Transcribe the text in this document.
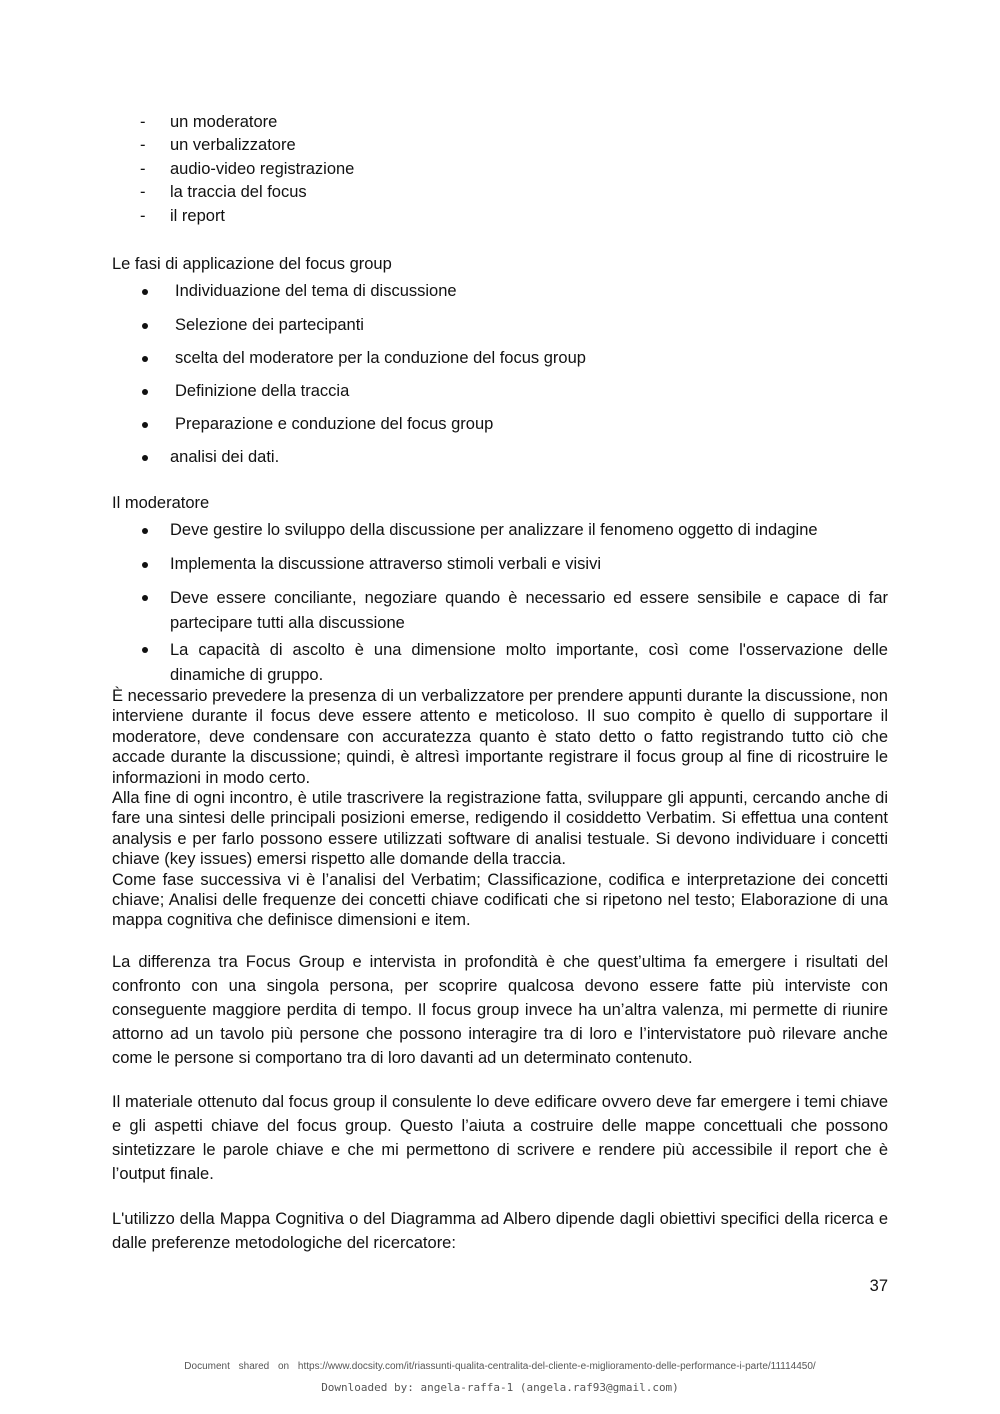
- un moderatore
- un verbalizzatore
- audio-video registrazione
- la traccia del focus
- il report
Le fasi di applicazione del focus group
Individuazione del tema di discussione
Selezione dei partecipanti
scelta del moderatore per la conduzione del focus group
Definizione della traccia
Preparazione e conduzione del focus group
analisi dei dati.
Il moderatore
Deve gestire lo sviluppo della discussione per analizzare il fenomeno oggetto di indagine
Implementa la discussione attraverso stimoli verbali e visivi
Deve essere conciliante, negoziare quando è necessario ed essere sensibile e capace di far partecipare tutti alla discussione
La capacità di ascolto è una dimensione molto importante, così come l'osservazione delle dinamiche di gruppo.

È necessario prevedere la presenza di un verbalizzatore per prendere appunti durante la discussione, non interviene durante il focus deve essere attento e meticoloso. Il suo compito è quello di supportare il moderatore, deve condensare con accuratezza quanto è stato detto o fatto registrando tutto ciò che accade durante la discussione; quindi, è altresì importante registrare il focus group al fine di ricostruire le informazioni in modo certo.

Alla fine di ogni incontro, è utile trascrivere la registrazione fatta, sviluppare gli appunti, cercando anche di fare una sintesi delle principali posizioni emerse, redigendo il cosiddetto Verbatim. Si effettua una content analysis e per farlo possono essere utilizzati software di analisi testuale. Si devono individuare i concetti chiave (key issues) emersi rispetto alle domande della traccia.

Come fase successiva vi è l’analisi del Verbatim; Classificazione, codifica e interpretazione dei concetti chiave; Analisi delle frequenze dei concetti chiave codificati che si ripetono nel testo; Elaborazione di una mappa cognitiva che definisce dimensioni e item.

La differenza tra Focus Group e intervista in profondità è che quest’ultima fa emergere i risultati del confronto con una singola persona, per scoprire qualcosa devono essere fatte più interviste con conseguente maggiore perdita di tempo. Il focus group invece ha un’altra valenza, mi permette di riunire attorno ad un tavolo più persone che possono interagire tra di loro e l’intervistatore può rilevare anche come le persone si comportano tra di loro davanti ad un determinato contenuto.

Il materiale ottenuto dal focus group il consulente lo deve edificare ovvero deve far emergere i temi chiave e gli aspetti chiave del focus group. Questo l’aiuta a costruire delle mappe concettuali che possono sintetizzare le parole chiave e che mi permettono di scrivere e rendere più accessibile il report che è l’output finale.

L'utilizzo della Mappa Cognitiva o del Diagramma ad Albero dipende dagli obiettivi specifici della ricerca e dalle preferenze metodologiche del ricercatore:

37
Document shared on https://www.docsity.com/it/riassunti-qualita-centralita-del-cliente-e-miglioramento-delle-performance-i-parte/11114450/
Downloaded by: angela-raffa-1 (angela.raf93@gmail.com)
